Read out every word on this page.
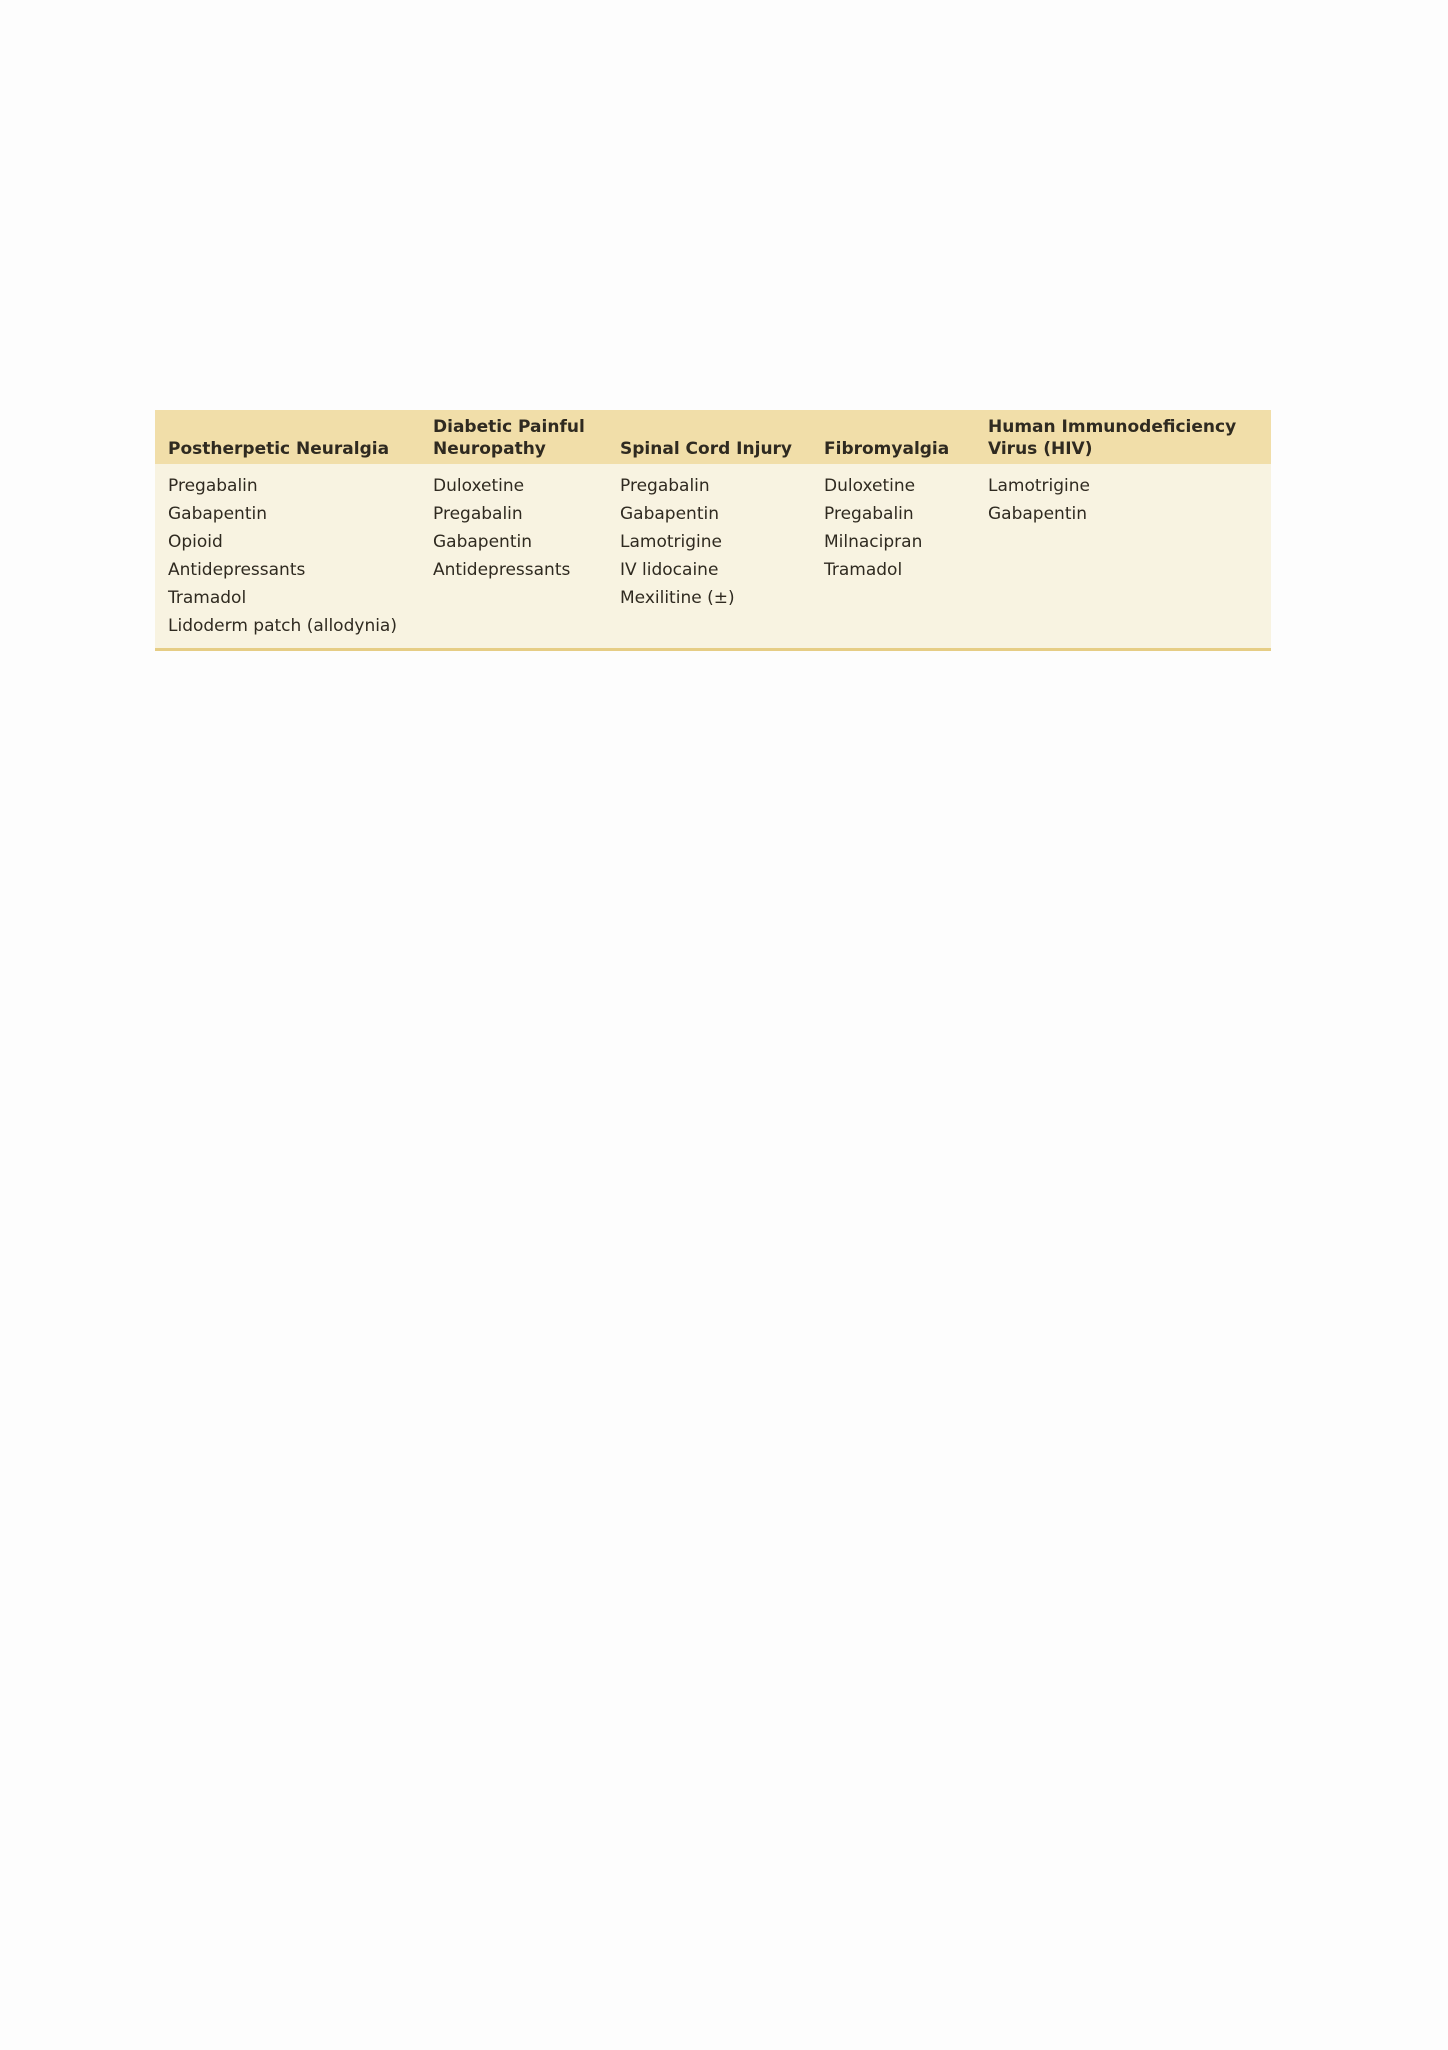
Postherpetic Neuralgia
Diabetic Painful Neuropathy	Spinal Cord Injury Fibromyalgia
Human Immunodeficiency Virus (HIV)
Pregabalin
Gabapentin
Opioid
Antidepressants
Tramadol
Lidoderm patch (allodynia)
Duloxetine
Pregabalin
Gabapentin
Antidepressants
Pregabalin
Gabapentin
Lamotrigine
IV lidocaine
Mexilitine (±)
Duloxetine
Pregabalin
Milnacipran
Tramadol
Lamotrigine
Gabapentin
